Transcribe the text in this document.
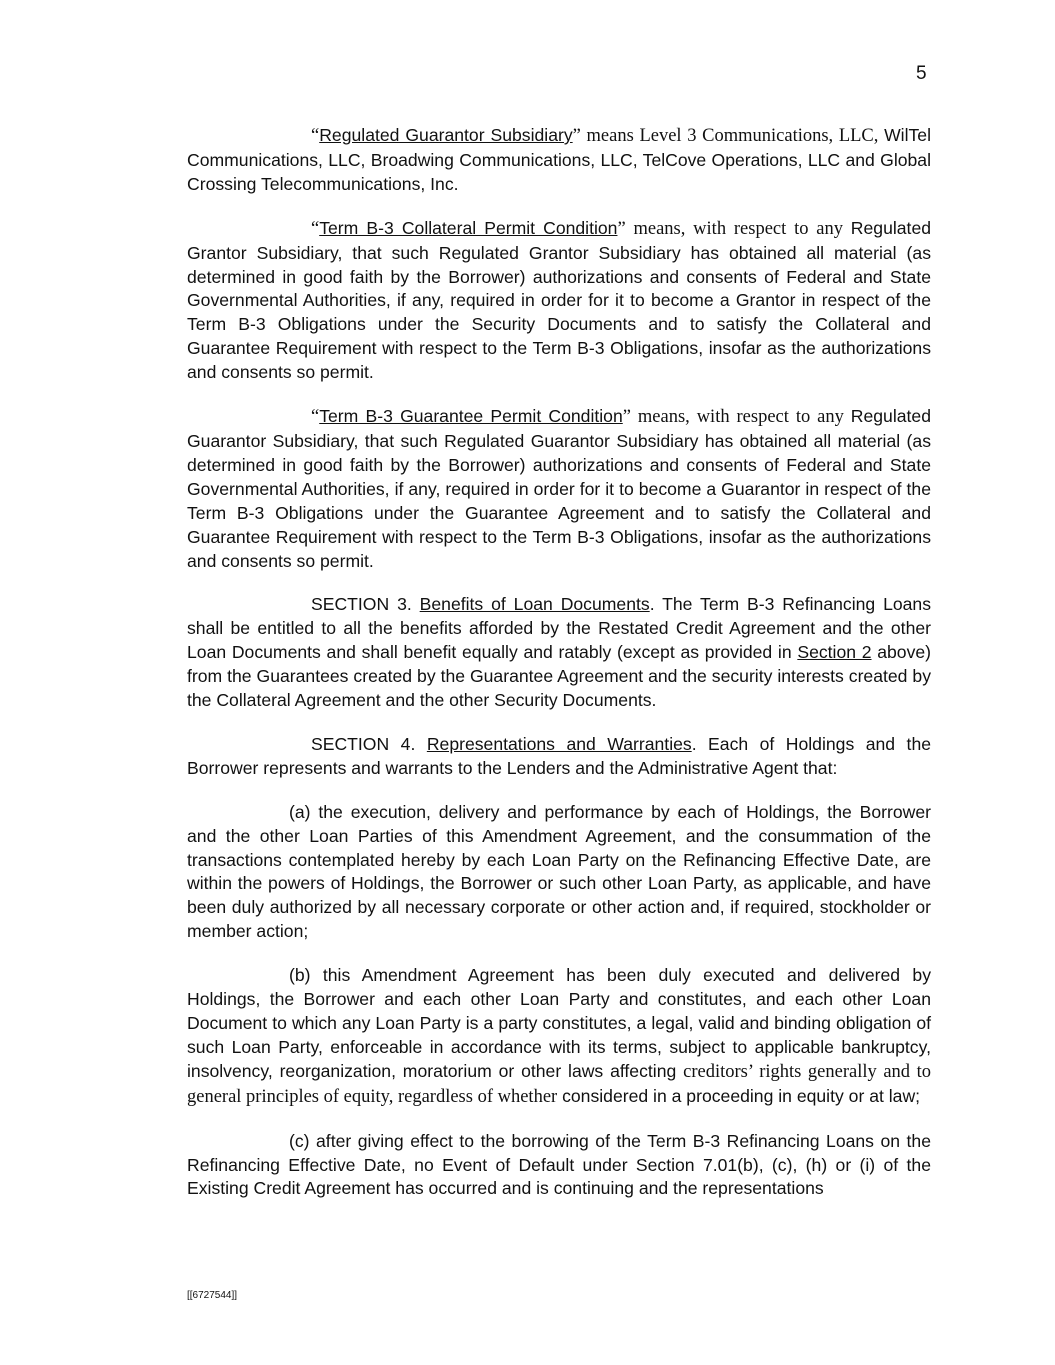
5

“Regulated Guarantor Subsidiary” means Level 3 Communications, LLC, WilTel Communications, LLC, Broadwing Communications, LLC, TelCove Operations, LLC and Global Crossing Telecommunications, Inc.

“Term B-3 Collateral Permit Condition” means, with respect to any Regulated Grantor Subsidiary, that such Regulated Grantor Subsidiary has obtained all material (as determined in good faith by the Borrower) authorizations and consents of Federal and State Governmental Authorities, if any, required in order for it to become a Grantor in respect of the Term B-3 Obligations under the Security Documents and to satisfy the Collateral and Guarantee Requirement with respect to the Term B-3 Obligations, insofar as the authorizations and consents so permit.

“Term B-3 Guarantee Permit Condition” means, with respect to any Regulated Guarantor Subsidiary, that such Regulated Guarantor Subsidiary has obtained all material (as determined in good faith by the Borrower) authorizations and consents of Federal and State Governmental Authorities, if any, required in order for it to become a Guarantor in respect of the Term B-3 Obligations under the Guarantee Agreement and to satisfy the Collateral and Guarantee Requirement with respect to the Term B-3 Obligations, insofar as the authorizations and consents so permit.

SECTION 3. Benefits of Loan Documents. The Term B-3 Refinancing Loans shall be entitled to all the benefits afforded by the Restated Credit Agreement and the other Loan Documents and shall benefit equally and ratably (except as provided in Section 2 above) from the Guarantees created by the Guarantee Agreement and the security interests created by the Collateral Agreement and the other Security Documents.

SECTION 4. Representations and Warranties. Each of Holdings and the Borrower represents and warrants to the Lenders and the Administrative Agent that:

(a) the execution, delivery and performance by each of Holdings, the Borrower and the other Loan Parties of this Amendment Agreement, and the consummation of the transactions contemplated hereby by each Loan Party on the Refinancing Effective Date, are within the powers of Holdings, the Borrower or such other Loan Party, as applicable, and have been duly authorized by all necessary corporate or other action and, if required, stockholder or member action;

(b) this Amendment Agreement has been duly executed and delivered by Holdings, the Borrower and each other Loan Party and constitutes, and each other Loan Document to which any Loan Party is a party constitutes, a legal, valid and binding obligation of such Loan Party, enforceable in accordance with its terms, subject to applicable bankruptcy, insolvency, reorganization, moratorium or other laws affecting creditors’ rights generally and to general principles of equity, regardless of whether considered in a proceeding in equity or at law;

(c) after giving effect to the borrowing of the Term B-3 Refinancing Loans on the Refinancing Effective Date, no Event of Default under Section 7.01(b), (c), (h) or (i) of the Existing Credit Agreement has occurred and is continuing and the representations

[[6727544]]
